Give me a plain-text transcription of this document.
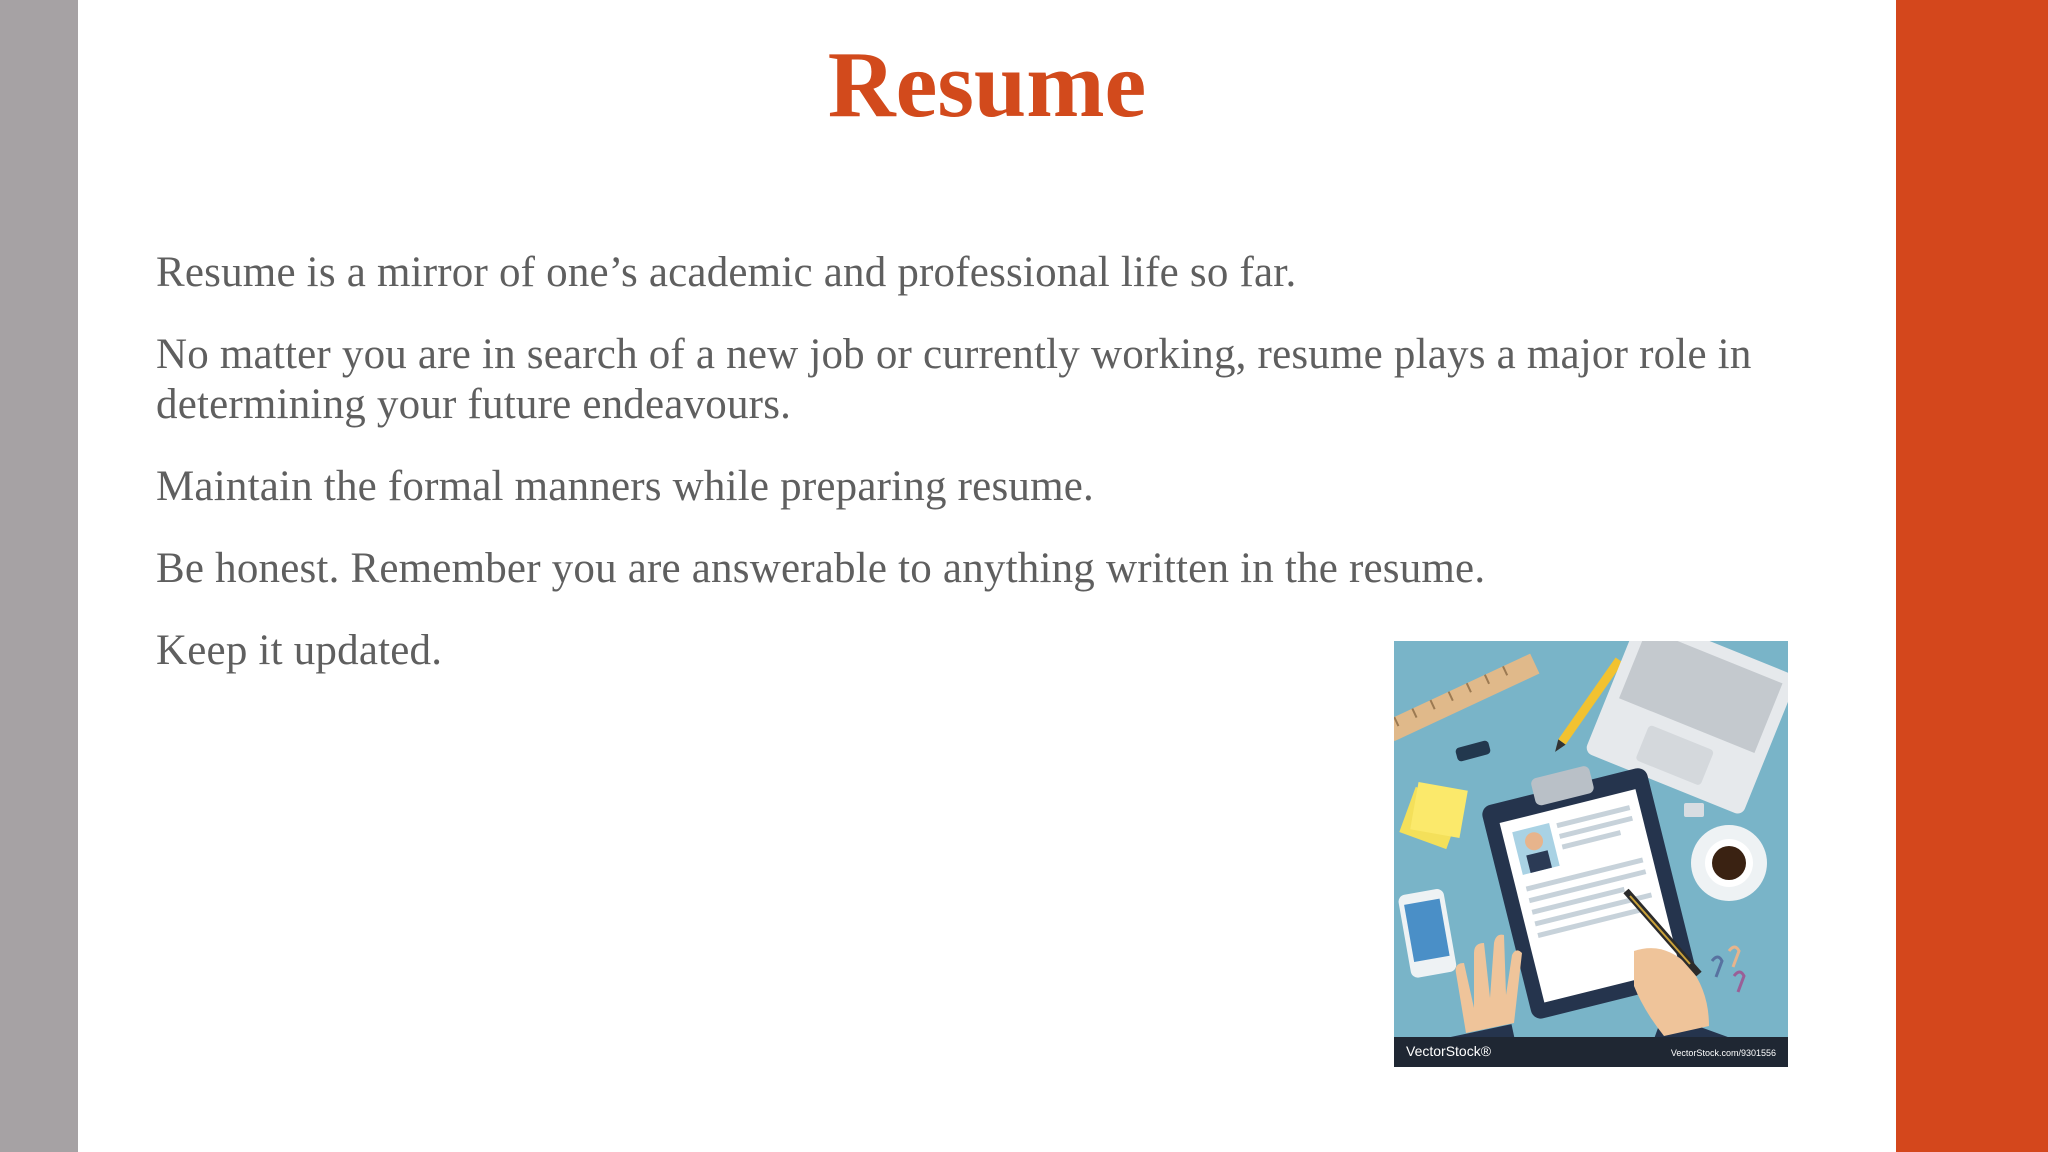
Resume

Resume is a mirror of one’s academic and professional life so far.

No matter you are in search of a new job or currently working, resume plays a major role in determining your future endeavours.

Maintain the formal manners while preparing resume.

Be honest. Remember you are answerable to anything written in the resume.

Keep it updated.

VectorStock®	VectorStock.com/9301556
